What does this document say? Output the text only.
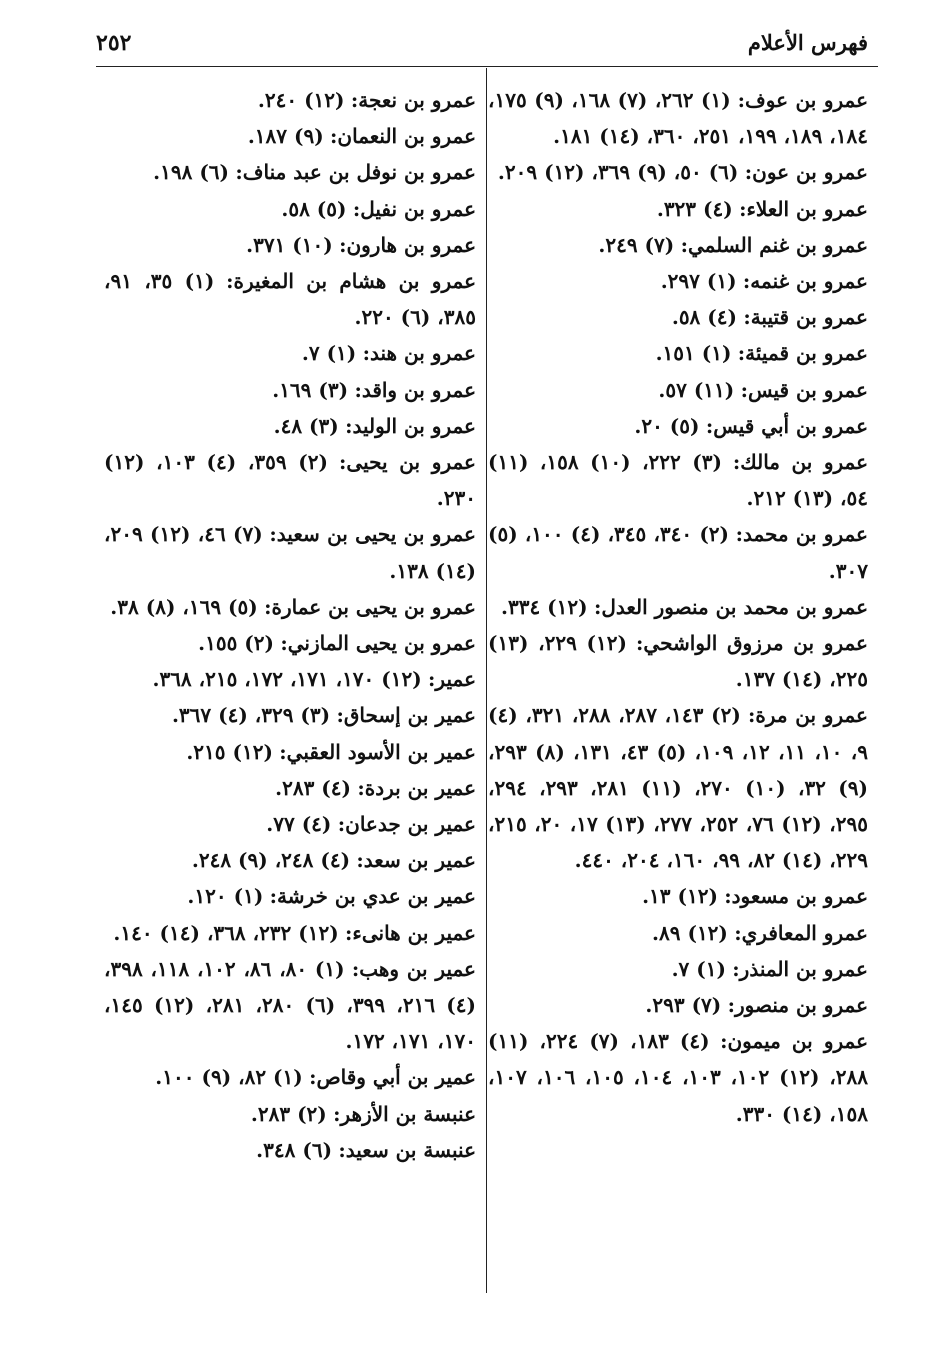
فهرس الأعلام
٢٥٢
عمرو بن عوف: (١) ٢٦٢، (٧) ١٦٨، (٩) ١٧٥، ١٨٤، ١٨٩، ١٩٩، ٢٥١، ٣٦٠، (١٤) ١٨١.
عمرو بن عون: (٦) ٥٠، (٩) ٣٦٩، (١٢) ٢٠٩.
عمرو بن العلاء: (٤) ٣٢٣.
عمرو بن غنم السلمي: (٧) ٢٤٩.
عمرو بن غنمه: (١) ٢٩٧.
عمرو بن قتيبة: (٤) ٥٨.
عمرو بن قميئة: (١) ١٥١.
عمرو بن قيس: (١١) ٥٧.
عمرو بن أبي قيس: (٥) ٢٠.
عمرو بن مالك: (٣) ٢٢٢، (١٠) ١٥٨، (١١) ٥٤، (١٣) ٢١٢.
عمرو بن محمد: (٢) ٣٤٠، ٣٤٥، (٤) ١٠٠، (٥) ٣٠٧.
عمرو بن محمد بن منصور العدل: (١٢) ٣٣٤.
عمرو بن مرزوق الواشحي: (١٢) ٢٢٩، (١٣) ٢٢٥، (١٤) ١٣٧.
عمرو بن مرة: (٢) ١٤٣، ٢٨٧، ٢٨٨، ٣٢١، (٤) ٩، ١٠، ١١، ١٢، ١٠٩، (٥) ٤٣، ١٣١، (٨) ٢٩٣، (٩) ٣٢، (١٠) ٢٧٠، (١١) ٢٨١، ٢٩٣، ٢٩٤، ٢٩٥، (١٢) ٧٦، ٢٥٢، ٢٧٧، (١٣) ١٧، ٢٠، ٢١٥، ٢٢٩، (١٤) ٨٢، ٩٩، ١٦٠، ٢٠٤، ٤٤٠.
عمرو بن مسعود: (١٢) ١٣.
عمرو المعافري: (١٢) ٨٩.
عمرو بن المنذر: (١) ٧.
عمرو بن منصور: (٧) ٢٩٣.
عمرو بن ميمون: (٤) ١٨٣، (٧) ٢٢٤، (١١) ٢٨٨، (١٢) ١٠٢، ١٠٣، ١٠٤، ١٠٥، ١٠٦، ١٠٧، ١٥٨، (١٤) ٣٣٠.
عمرو بن نعجة: (١٢) ٢٤٠.
عمرو بن النعمان: (٩) ١٨٧.
عمرو بن نوفل بن عبد مناف: (٦) ١٩٨.
عمرو بن نفيل: (٥) ٥٨.
عمرو بن هارون: (١٠) ٣٧١.
عمرو بن هشام بن المغيرة: (١) ٣٥، ٩١، ٣٨٥، (٦) ٢٢٠.
عمرو بن هند: (١) ٧.
عمرو بن واقد: (٣) ١٦٩.
عمرو بن الوليد: (٣) ٤٨.
عمرو بن يحيى: (٢) ٣٥٩، (٤) ١٠٣، (١٢) ٢٣٠.
عمرو بن يحيى بن سعيد: (٧) ٤٦، (١٢) ٢٠٩، (١٤) ١٣٨.
عمرو بن يحيى بن عمارة: (٥) ١٦٩، (٨) ٣٨.
عمرو بن يحيى المازني: (٢) ١٥٥.
عمير: (١٢) ١٧٠، ١٧١، ١٧٢، ٢١٥، ٣٦٨.
عمير بن إسحاق: (٣) ٣٢٩، (٤) ٣٦٧.
عمير بن الأسود العقبي: (١٢) ٢١٥.
عمير بن بردة: (٤) ٢٨٣.
عمير بن جدعان: (٤) ٧٧.
عمير بن سعد: (٤) ٢٤٨، (٩) ٢٤٨.
عمير بن عدي بن خرشة: (١) ١٢٠.
عمير بن هانىء: (١٢) ٢٣٢، ٣٦٨، (١٤) ١٤٠.
عمير بن وهب: (١) ٨٠، ٨٦، ١٠٢، ١١٨، ٣٩٨، (٤) ٢١٦، ٣٩٩، (٦) ٢٨٠، ٢٨١، (١٢) ١٤٥، ١٧٠، ١٧١، ١٧٢.
عمير بن أبي وقاص: (١) ٨٢، (٩) ١٠٠.
عنبسة بن الأزهر: (٢) ٢٨٣.
عنبسة بن سعيد: (٦) ٣٤٨.
